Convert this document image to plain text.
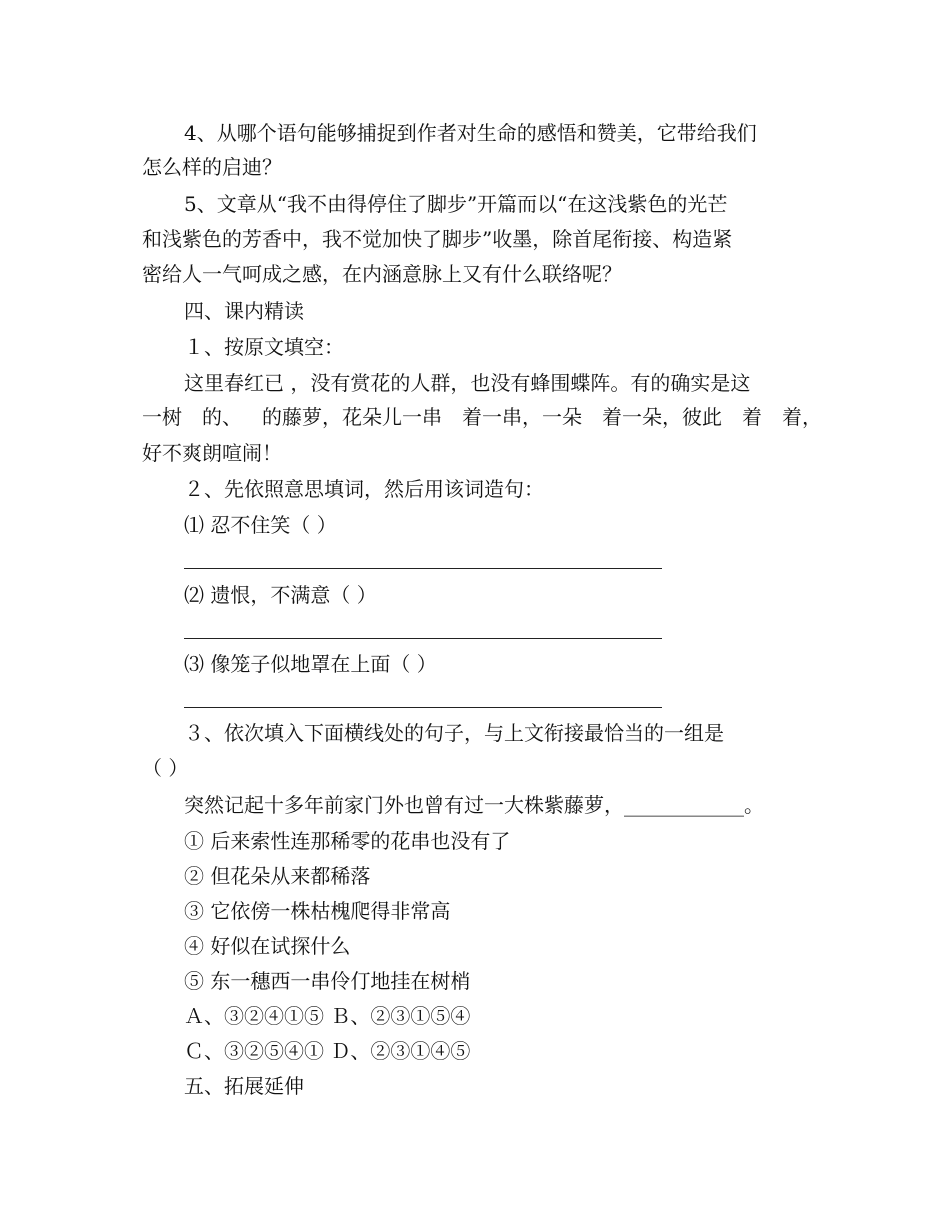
4、从哪个语句能够捕捉到作者对生命的感悟和赞美，它带给我们
怎么样的启迪？
5、文章从“我不由得停住了脚步”开篇而以“在这浅紫色的光芒
和浅紫色的芳香中，我不觉加快了脚步”收墨，除首尾衔接、构造紧
密给人一气呵成之感，在内涵意脉上又有什么联络呢？
四、课内精读
１、按原文填空：
这里春红已 ，没有赏花的人群，也没有蜂围蝶阵。有的确实是这
一树 的、 的藤萝，花朵儿一串 着一串，一朵 着一朵，彼此 着 着，
好不爽朗喧闹！
２、先依照意思填词，然后用该词造句：
⑴ 忍不住笑（ ）
⑵ 遗恨，不满意（ ）
⑶ 像笼子似地罩在上面（ ）
３、依次填入下面横线处的句子，与上文衔接最恰当的一组是
（ ）
突然记起十多年前家门外也曾有过一大株紫藤萝，____________。
① 后来索性连那稀零的花串也没有了
② 但花朵从来都稀落
③ 它依傍一株枯槐爬得非常高
④ 好似在试探什么
⑤ 东一穗西一串伶仃地挂在树梢
Ａ、③②④①⑤ Ｂ、②③①⑤④
Ｃ、③②⑤④① Ｄ、②③①④⑤
五、拓展延伸
